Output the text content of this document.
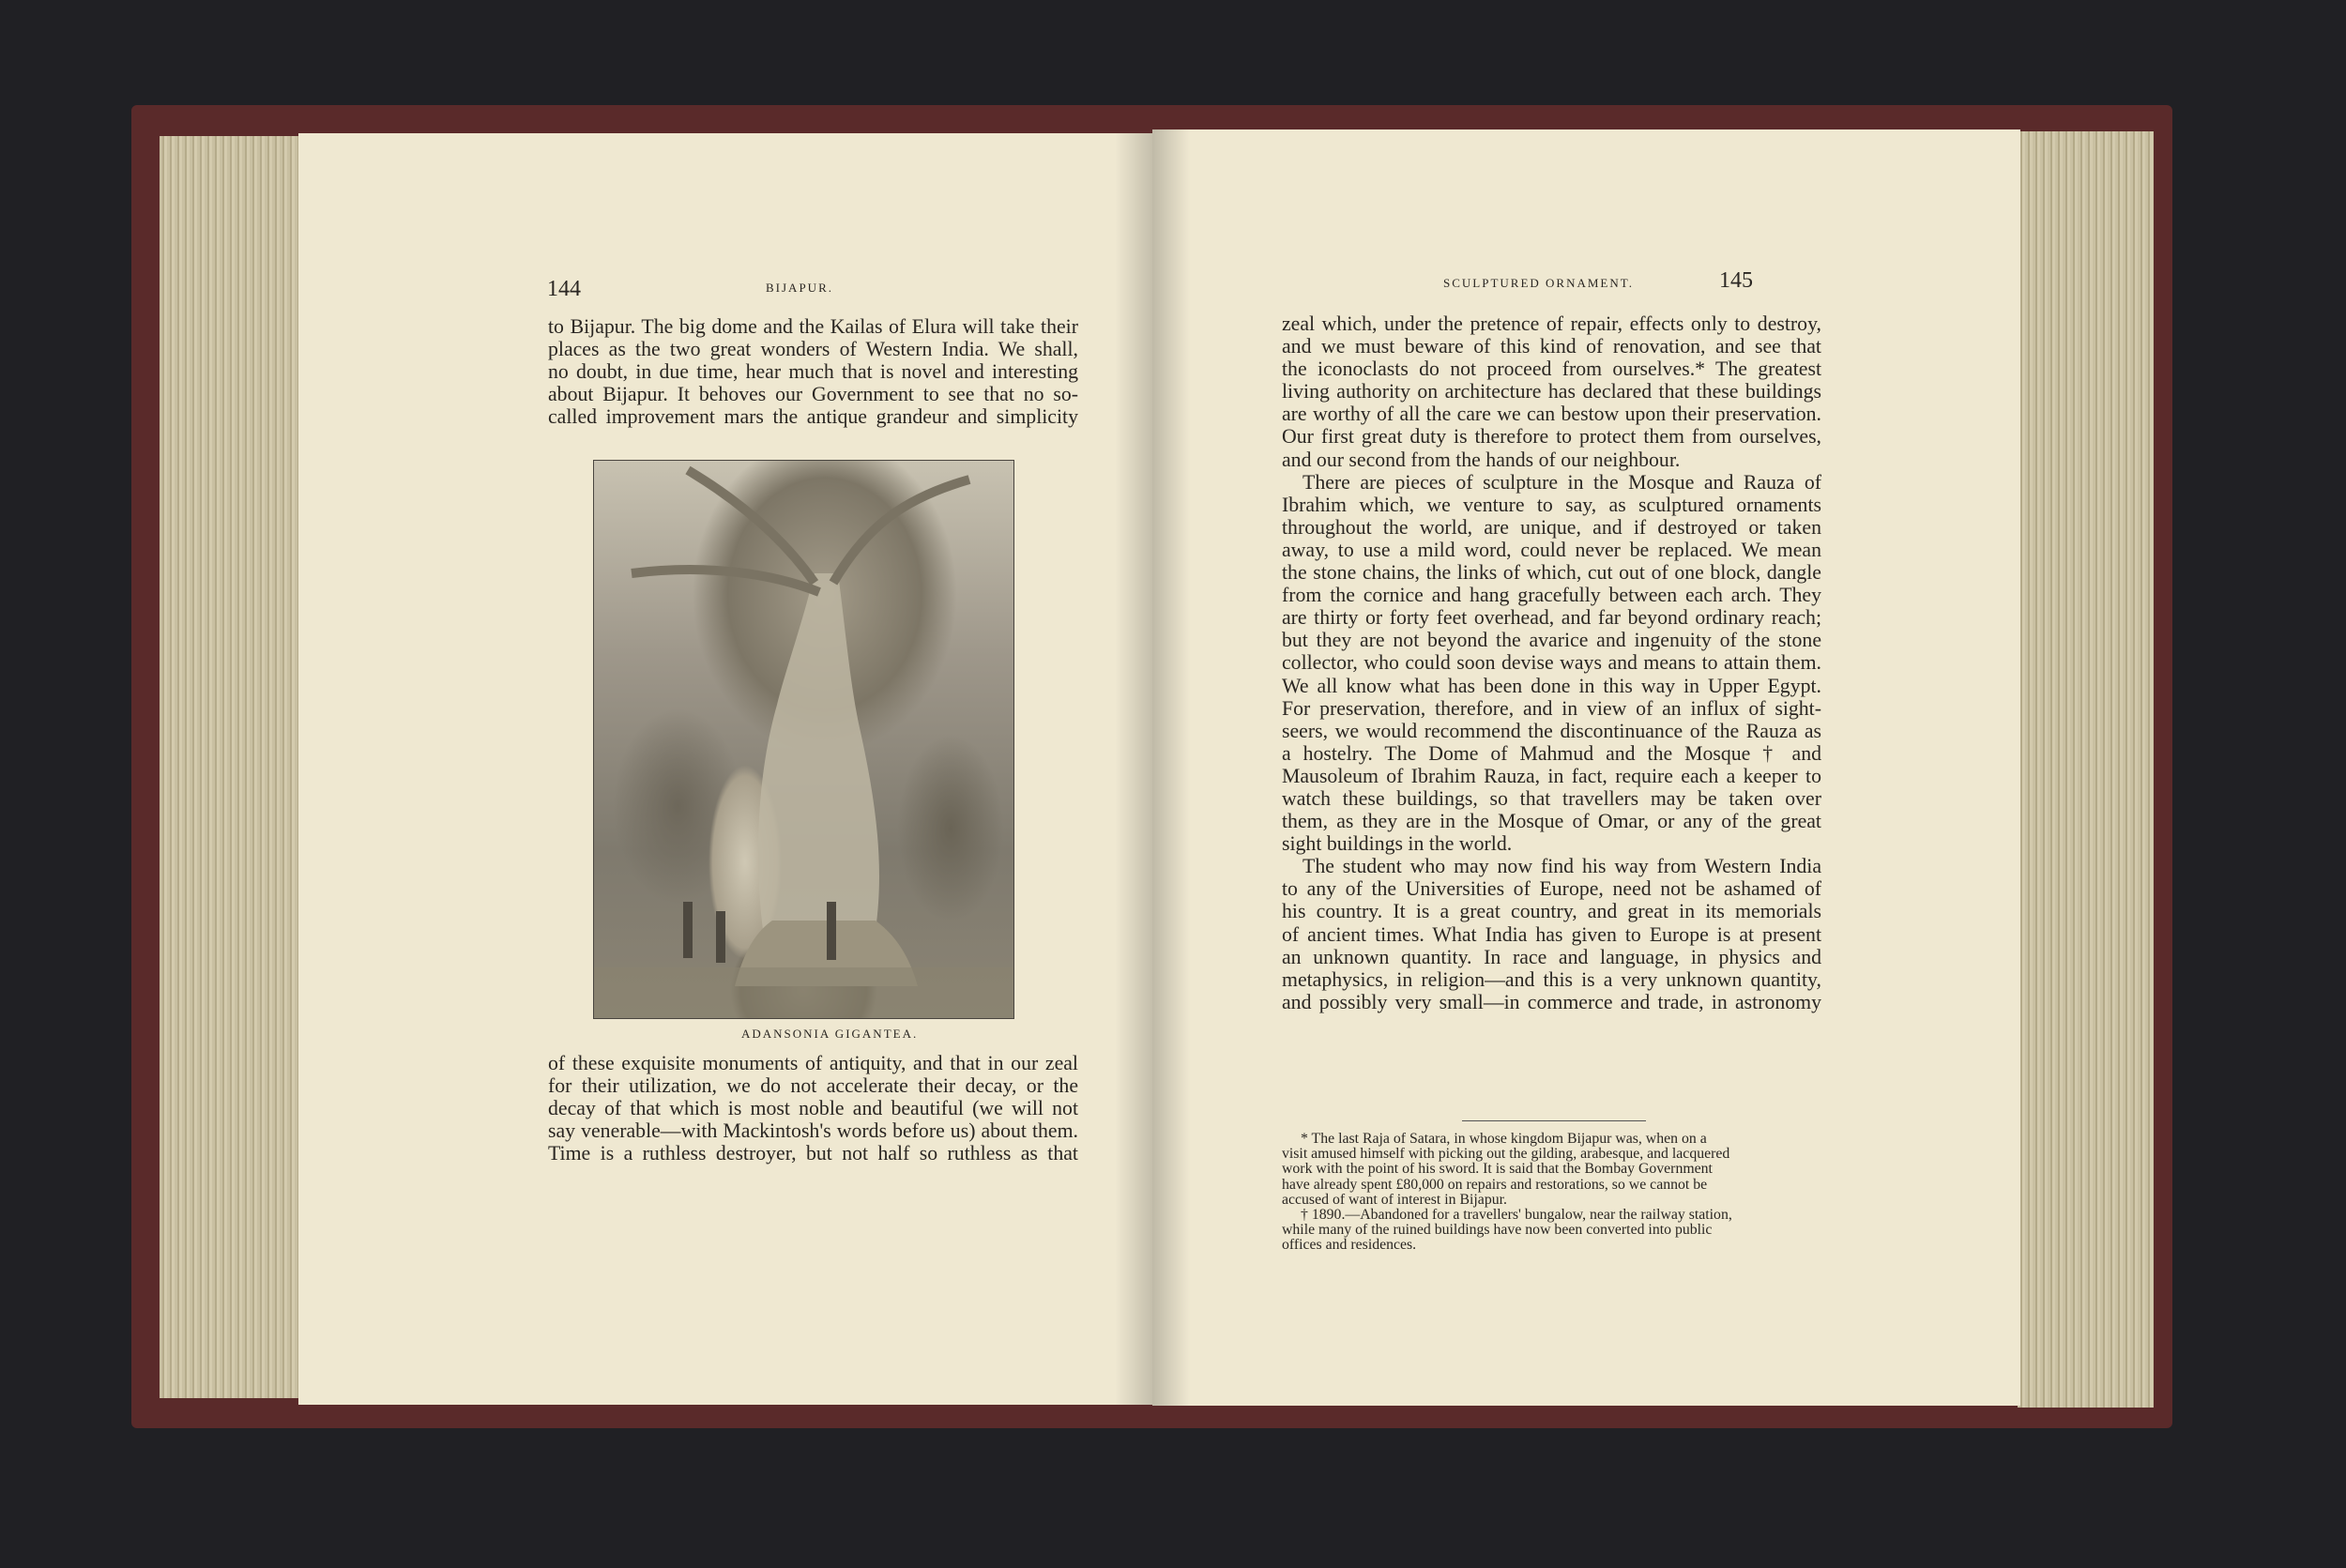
144	BIJAPUR.
to Bijapur. The big dome and the Kailas of Elura will take their
places as the two great wonders of Western India. We shall,
no doubt, in due time, hear much that is novel and interesting
about Bijapur. It behoves our Government to see that no so-
called improvement mars the antique grandeur and simplicity
ADANSONIA GIGANTEA.
of these exquisite monuments of antiquity, and that in our zeal
for their utilization, we do not accelerate their decay, or the
decay of that which is most noble and beautiful (we will not
say venerable—with Mackintosh's words before us) about them.
Time is a ruthless destroyer, but not half so ruthless as that
SCULPTURED ORNAMENT.	145
zeal which, under the pretence of repair, effects only to destroy,
and we must beware of this kind of renovation, and see that
the iconoclasts do not proceed from ourselves.* The greatest
living authority on architecture has declared that these buildings
are worthy of all the care we can bestow upon their preservation.
Our first great duty is therefore to protect them from ourselves,
and our second from the hands of our neighbour.
There are pieces of sculpture in the Mosque and Rauza of
Ibrahim which, we venture to say, as sculptured ornaments
throughout the world, are unique, and if destroyed or taken
away, to use a mild word, could never be replaced. We mean
the stone chains, the links of which, cut out of one block, dangle
from the cornice and hang gracefully between each arch. They
are thirty or forty feet overhead, and far beyond ordinary reach;
but they are not beyond the avarice and ingenuity of the stone
collector, who could soon devise ways and means to attain them.
We all know what has been done in this way in Upper Egypt.
For preservation, therefore, and in view of an influx of sight-
seers, we would recommend the discontinuance of the Rauza as
a hostelry. The Dome of Mahmud and the Mosque † and
Mausoleum of Ibrahim Rauza, in fact, require each a keeper to
watch these buildings, so that travellers may be taken over
them, as they are in the Mosque of Omar, or any of the great
sight buildings in the world.
The student who may now find his way from Western India
to any of the Universities of Europe, need not be ashamed of
his country. It is a great country, and great in its memorials
of ancient times. What India has given to Europe is at present
an unknown quantity. In race and language, in physics and
metaphysics, in religion—and this is a very unknown quantity,
and possibly very small—in commerce and trade, in astronomy
* The last Raja of Satara, in whose kingdom Bijapur was, when on a
visit amused himself with picking out the gilding, arabesque, and lacquered
work with the point of his sword. It is said that the Bombay Government
have already spent £80,000 on repairs and restorations, so we cannot be
accused of want of interest in Bijapur.
† 1890.—Abandoned for a travellers' bungalow, near the railway station,
while many of the ruined buildings have now been converted into public
offices and residences.
